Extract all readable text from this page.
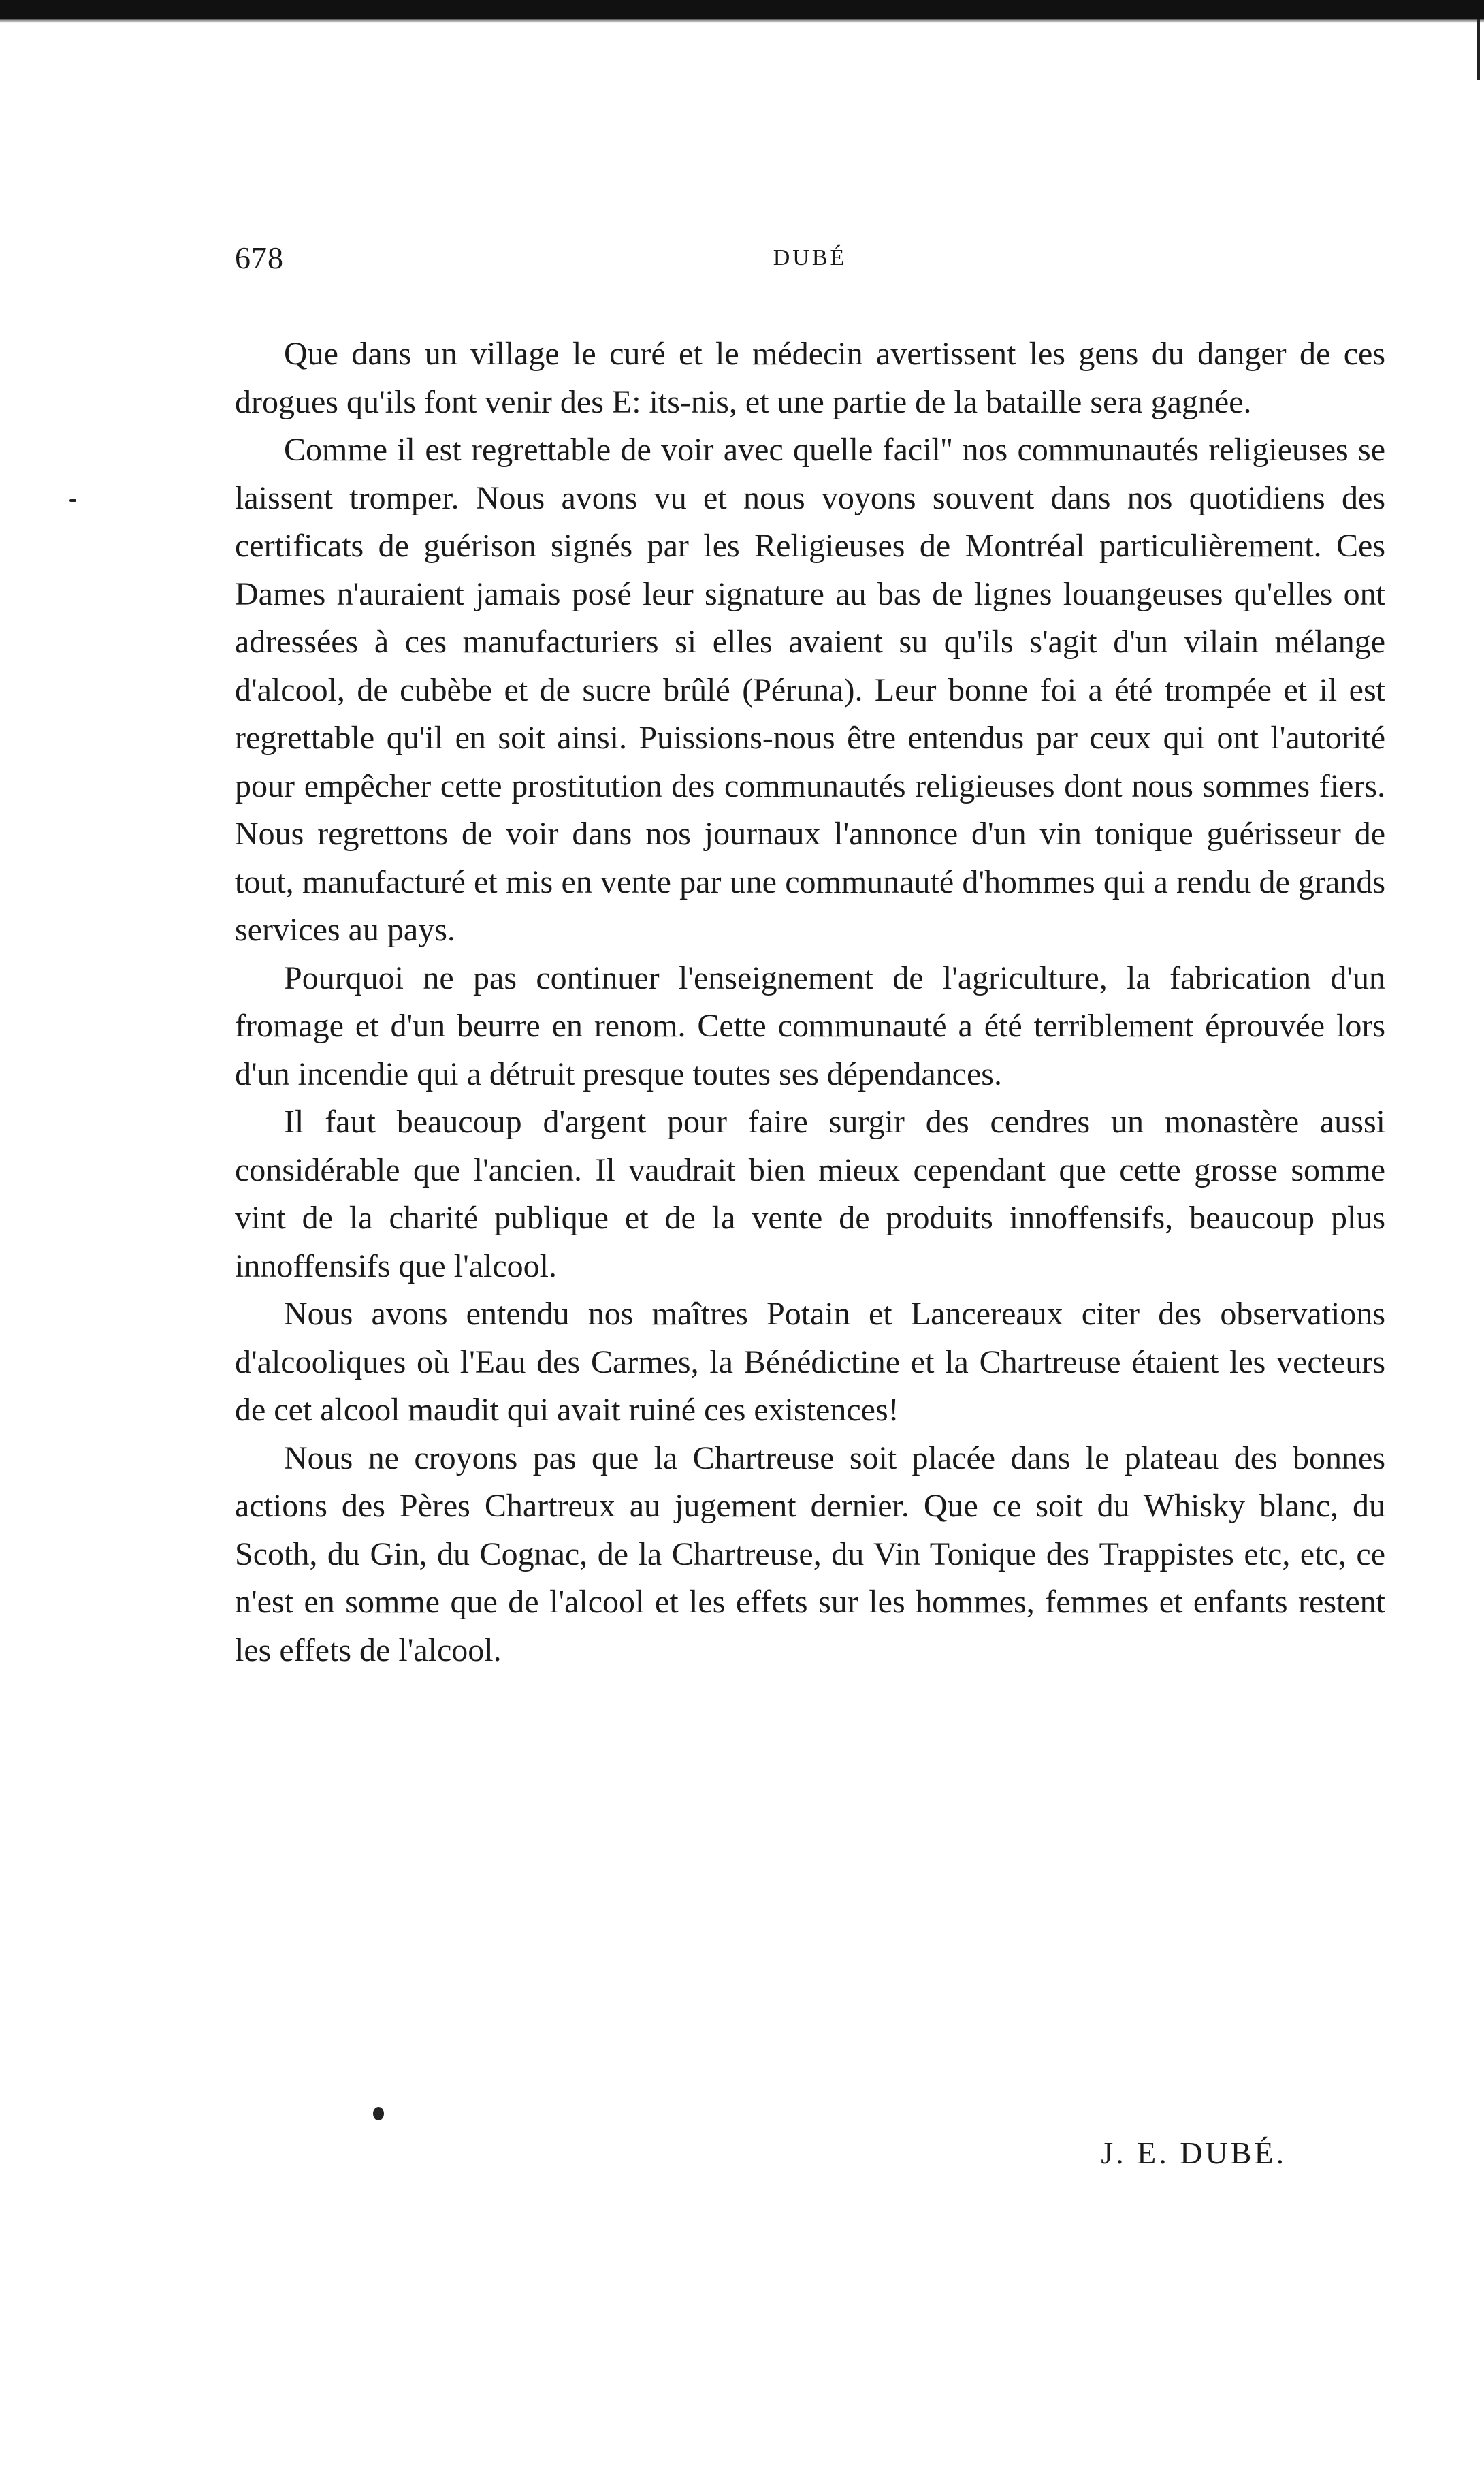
678	DUBÉ

Que dans un village le curé et le médecin avertissent les gens du danger de ces drogues qu'ils font venir des E: its-nis, et une partie de la bataille sera gagnée.

Comme il est regrettable de voir avec quelle facil'' nos communautés religieuses se laissent tromper. Nous avons vu et nous voyons souvent dans nos quotidiens des certificats de guérison signés par les Religieuses de Montréal particulièrement. Ces Dames n'auraient jamais posé leur signature au bas de lignes louangeuses qu'elles ont adressées à ces manufacturiers si elles avaient su qu'ils s'agit d'un vilain mélange d'alcool, de cubèbe et de sucre brûlé (Péruna). Leur bonne foi a été trompée et il est regrettable qu'il en soit ainsi. Puissions-nous être entendus par ceux qui ont l'autorité pour empêcher cette prostitution des communautés religieuses dont nous sommes fiers. Nous regrettons de voir dans nos journaux l'annonce d'un vin tonique guérisseur de tout, manufacturé et mis en vente par une communauté d'hommes qui a rendu de grands services au pays.

Pourquoi ne pas continuer l'enseignement de l'agriculture, la fabrication d'un fromage et d'un beurre en renom. Cette communauté a été terriblement éprouvée lors d'un incendie qui a détruit presque toutes ses dépendances.

Il faut beaucoup d'argent pour faire surgir des cendres un monastère aussi considérable que l'ancien. Il vaudrait bien mieux cependant que cette grosse somme vint de la charité publique et de la vente de produits innoffensifs, beaucoup plus innoffensifs que l'alcool.

Nous avons entendu nos maîtres Potain et Lancereaux citer des observations d'alcooliques où l'Eau des Carmes, la Bénédictine et la Chartreuse étaient les vecteurs de cet alcool maudit qui avait ruiné ces existences!

Nous ne croyons pas que la Chartreuse soit placée dans le plateau des bonnes actions des Pères Chartreux au jugement dernier. Que ce soit du Whisky blanc, du Scoth, du Gin, du Cognac, de la Chartreuse, du Vin Tonique des Trappistes etc, etc, ce n'est en somme que de l'alcool et les effets sur les hommes, femmes et enfants restent les effets de l'alcool.

J. E. DUBÉ.
